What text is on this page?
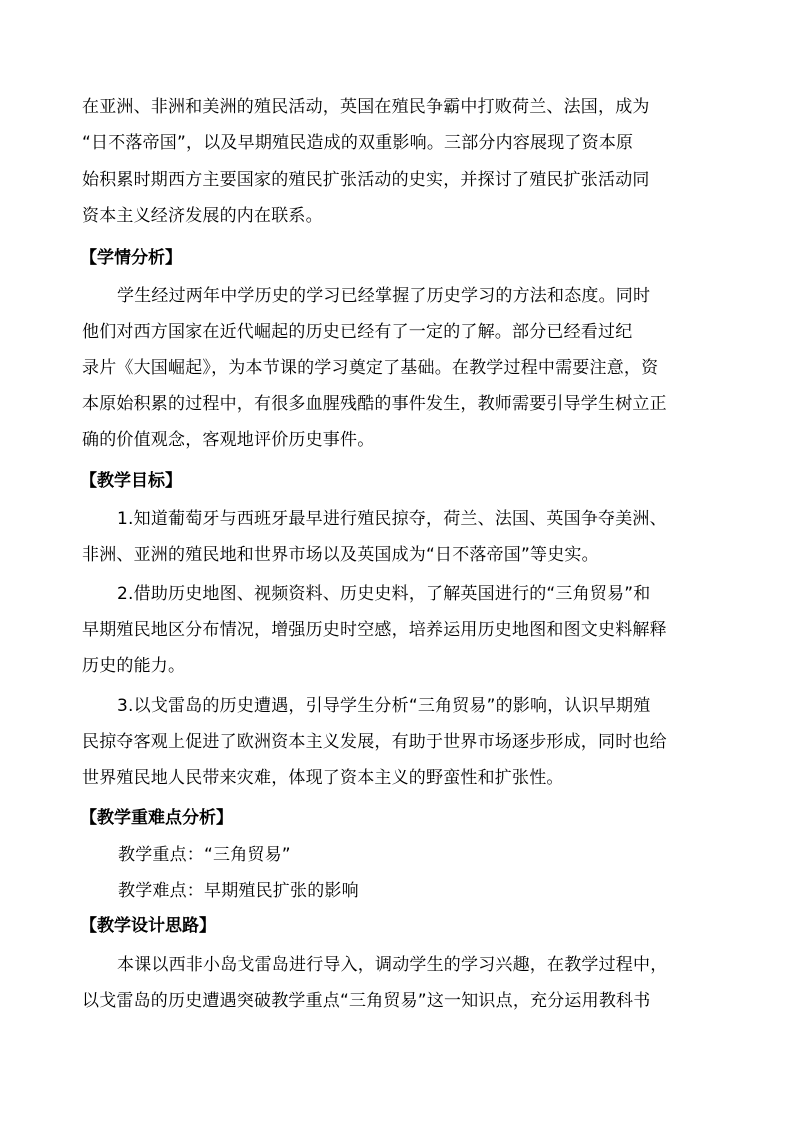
在亚洲、非洲和美洲的殖民活动，英国在殖民争霸中打败荷兰、法国，成为
“日不落帝国”，以及早期殖民造成的双重影响。三部分内容展现了资本原
始积累时期西方主要国家的殖民扩张活动的史实，并探讨了殖民扩张活动同
资本主义经济发展的内在联系。
【学情分析】
学生经过两年中学历史的学习已经掌握了历史学习的方法和态度。同时
他们对西方国家在近代崛起的历史已经有了一定的了解。部分已经看过纪
录片《大国崛起》，为本节课的学习奠定了基础。在教学过程中需要注意，资
本原始积累的过程中，有很多血腥残酷的事件发生，教师需要引导学生树立正
确的价值观念，客观地评价历史事件。
【教学目标】
1.知道葡萄牙与西班牙最早进行殖民掠夺，荷兰、法国、英国争夺美洲、
非洲、亚洲的殖民地和世界市场以及英国成为“日不落帝国”等史实。
2.借助历史地图、视频资料、历史史料，了解英国进行的“三角贸易”和
早期殖民地区分布情况，增强历史时空感，培养运用历史地图和图文史料解释
历史的能力。
3.以戈雷岛的历史遭遇，引导学生分析“三角贸易”的影响，认识早期殖
民掠夺客观上促进了欧洲资本主义发展，有助于世界市场逐步形成，同时也给
世界殖民地人民带来灾难，体现了资本主义的野蛮性和扩张性。
【教学重难点分析】
教学重点：“三角贸易”
教学难点：早期殖民扩张的影响
【教学设计思路】
本课以西非小岛戈雷岛进行导入，调动学生的学习兴趣，在教学过程中，
以戈雷岛的历史遭遇突破教学重点“三角贸易”这一知识点，充分运用教科书
